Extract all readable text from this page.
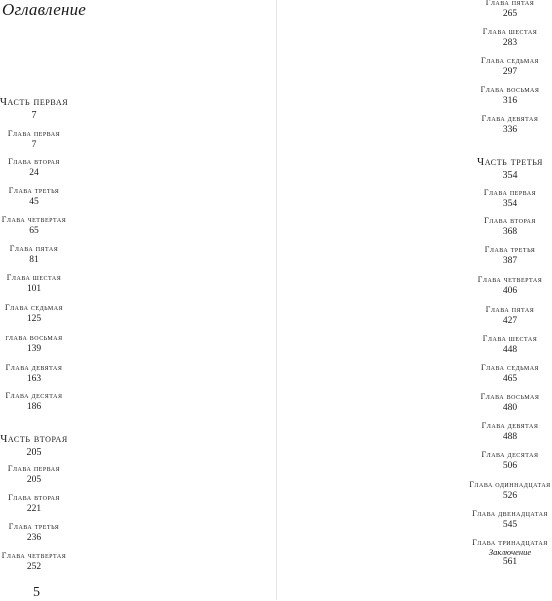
Оглавление
Часть первая
7
Глава первая
7
Глава вторая
24
Глава третья
45
Глава четвертая
65
Глава пятая
81
Глава шестая
101
Глава седьмая
125
глава восьмая
139
Глава девятая
163
Глава десятая
186
Часть вторая
205
Глава первая
205
Глава вторая
221
Глава третья
236
Глава четвертая
252
Глава пятая
265
Глава шестая
283
Глава седьмая
297
Глава восьмая
316
Глава девятая
336
Часть третья
354
Глава первая
354
Глава вторая
368
Глава третья
387
Глава четвертая
406
Глава пятая
427
Глава шестая
448
Глава седьмая
465
Глава восьмая
480
Глава девятая
488
Глава десятая
506
Глава одиннадцатая
526
Глава двенадцатая
545
Глава тринадцатая
Заключение
561
5
